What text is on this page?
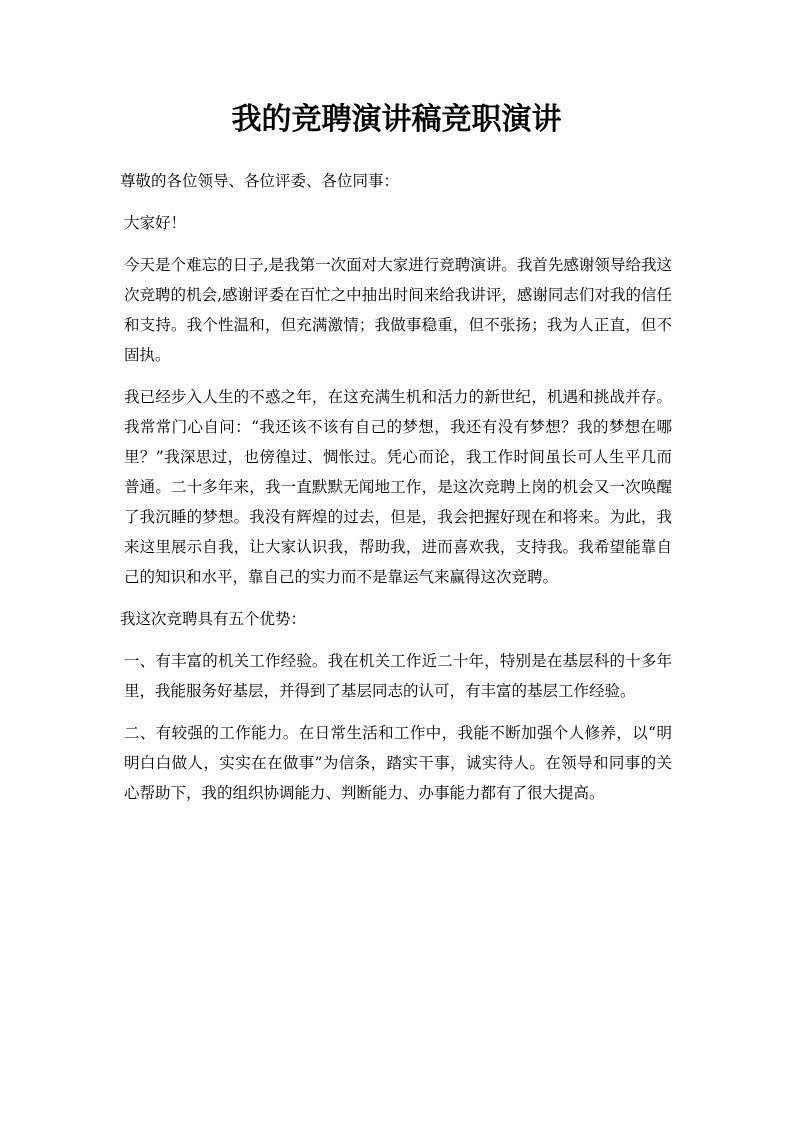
我的竞聘演讲稿竞职演讲

尊敬的各位领导、各位评委、各位同事：

大家好！

今天是个难忘的日子,是我第一次面对大家进行竞聘演讲。我首先感谢领导给我这次竞聘的机会,感谢评委在百忙之中抽出时间来给我讲评，感谢同志们对我的信任和支持。我个性温和，但充满激情；我做事稳重，但不张扬；我为人正直，但不固执。

我已经步入人生的不惑之年，在这充满生机和活力的新世纪，机遇和挑战并存。我常常门心自问：“我还该不该有自己的梦想，我还有没有梦想？我的梦想在哪里？”我深思过，也傍徨过、惆怅过。凭心而论，我工作时间虽长可人生平几而普通。二十多年来，我一直默默无闻地工作，是这次竞聘上岗的机会又一次唤醒了我沉睡的梦想。我没有辉煌的过去，但是，我会把握好现在和将来。为此，我来这里展示自我，让大家认识我，帮助我，进而喜欢我，支持我。我希望能靠自己的知识和水平，靠自己的实力而不是靠运气来赢得这次竞聘。

我这次竞聘具有五个优势：

一、有丰富的机关工作经验。我在机关工作近二十年，特别是在基层科的十多年里，我能服务好基层，并得到了基层同志的认可，有丰富的基层工作经验。

二、有较强的工作能力。在日常生活和工作中，我能不断加强个人修养，以“明明白白做人，实实在在做事”为信条，踏实干事，诚实待人。在领导和同事的关心帮助下，我的组织协调能力、判断能力、办事能力都有了很大提高。
